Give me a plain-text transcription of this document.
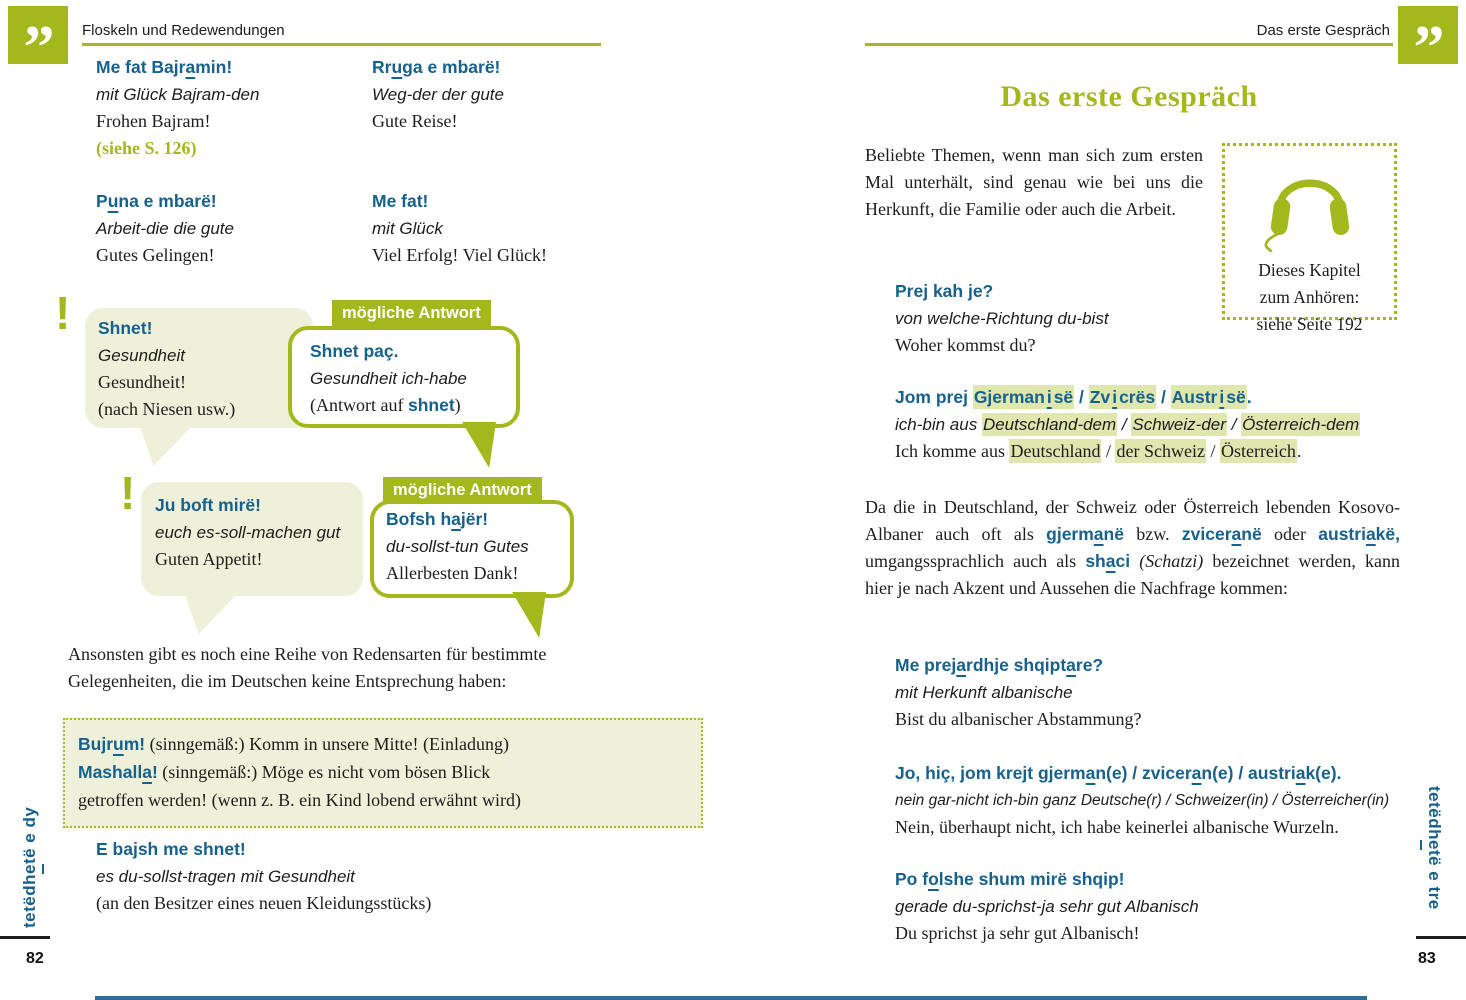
”	Floskeln und Redewendungen
Me fat Bajramin!
mit Glück Bajram-den
Frohen Bajram!
(siehe S. 126)
Rruga e mbarë!
Weg-der der gute
Gute Reise!
Puna e mbarë!
Arbeit-die die gute
Gutes Gelingen!
Me fat!
mit Glück
Viel Erfolg! Viel Glück!
! Shnet!
Gesundheit
Gesundheit!
(nach Niesen usw.)
mögliche Antwort
Shnet paç.
Gesundheit ich-habe
(Antwort auf shnet)
! Ju boft mirë!
euch es-soll-machen gut
Guten Appetit!
mögliche Antwort
Bofsh hajër!
du-sollst-tun Gutes
Allerbesten Dank!
Ansonsten gibt es noch eine Reihe von Redensarten für bestimmte Gelegenheiten, die im Deutschen keine Entsprechung haben:
Bujrum! (sinngemäß:) Komm in unsere Mitte! (Einladung)
Mashalla! (sinngemäß:) Möge es nicht vom bösen Blick
getroffen werden! (wenn z. B. ein Kind lobend erwähnt wird)
E bajsh me shnet!
es du-sollst-tragen mit Gesundheit
(an den Besitzer eines neuen Kleidungsstücks)
tetëdhetë e dy
82
”
Das erste Gespräch
Das erste Gespräch
Beliebte Themen, wenn man sich zum ersten Mal unterhält, sind genau wie bei uns die Herkunft, die Familie oder auch die Arbeit.
Dieses Kapitel
zum Anhören:
siehe Seite 192
Prej kah je?
von welche-Richtung du-bist
Woher kommst du?
Jom prej Gjerman i së / Zv i crës / Austr i së.
ich-bin aus Deutschland-dem / Schweiz-der / Österreich-dem
Ich komme aus Deutschland / der Schweiz / Österreich.
Da die in Deutschland, der Schweiz oder Österreich lebenden Kosovo-Albaner auch oft als gjermanë bzw. zviceranë oder austriakë, umgangssprachlich auch als shaci (Schatzi) bezeichnet werden, kann hier je nach Akzent und Aussehen die Nachfrage kommen:
Me prejardhje shqiptare?
mit Herkunft albanische
Bist du albanischer Abstammung?
Jo, hiç, jom krejt gjerman(e) / zviceran(e) / austriak(e).
nein gar-nicht ich-bin ganz Deutsche(r) / Schweizer(in) / Österreicher(in)
Nein, überhaupt nicht, ich habe keinerlei albanische Wurzeln.
Po folshe shum mirë shqip!
gerade du-sprichst-ja sehr gut Albanisch
Du sprichst ja sehr gut Albanisch!
tetëdhetë e tre
83
